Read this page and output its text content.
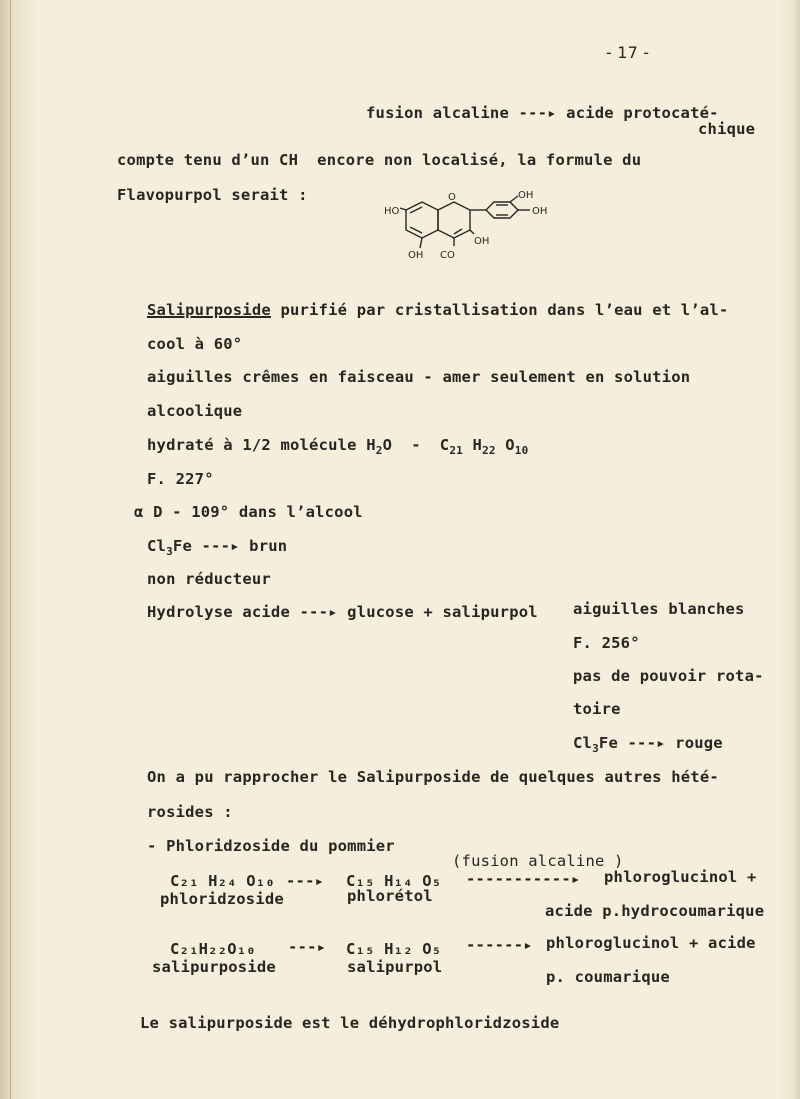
- 17 -
fusion alcaline ---▸ acide protocaté-
chique
compte tenu d’un CH  encore non localisé, la formule du
Flavopurpol serait :
HO
O	OH
OH
OH
OH CO
Salipurposide purifié par cristallisation dans l’eau et l’al-
cool à 60°
aiguilles crêmes en faisceau - amer seulement en solution
alcoolique
hydraté à 1/2 molécule $H_2O - C_{21}$ $H_{22}$ $O_{10}$
F. 227°
α D - 109° dans l’alcool
$Cl_3Fe$ ---▸ brun
non réducteur
Hydrolyse acide ---▸ glucose + salipurpol aiguilles blanches
F. 256°
pas de pouvoir rota-
toire
$Cl_3Fe$ ---▸ rouge
On a pu rapprocher le Salipurposide de quelques autres hété-
rosides :
- Phloridzoside du pommier
(fusion alcaline )
C₂₁ H₂₄ O₁₀ ---▸ C₁₅ H₁₄ O₅ -----------▸ phloroglucinol +
phloridzoside	phlorétol
acide p.hydrocoumarique
C₂₁H₂₂O₁₀ ---▸ C₁₅ H₁₂ O₅ ------▸ phloroglucinol + acide
salipurposide	salipurpol
p. coumarique
Le salipurposide est le déhydrophloridzoside
